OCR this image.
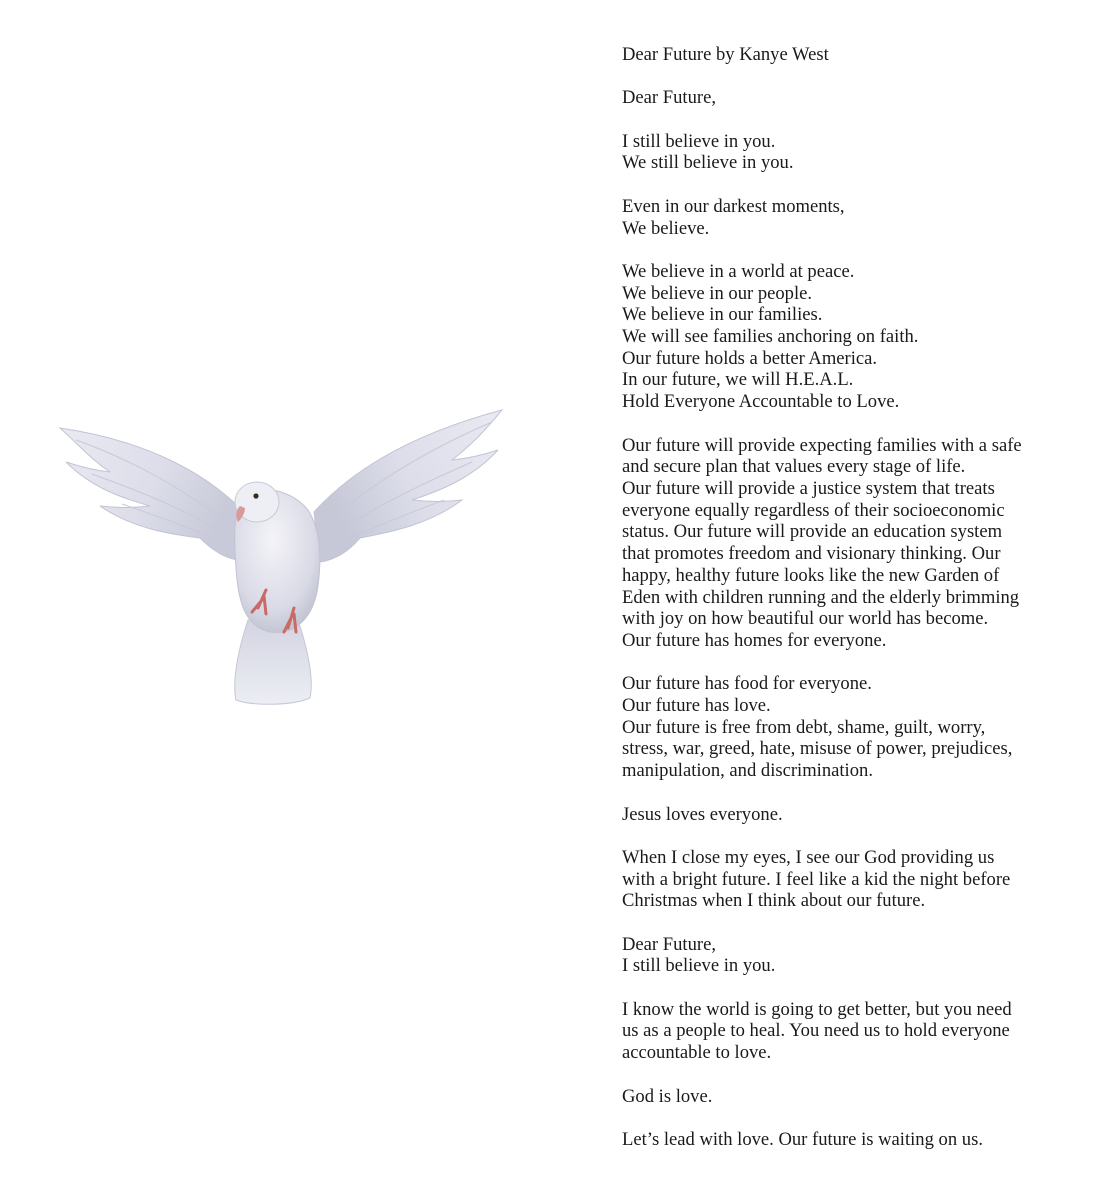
Dear Future by Kanye West
Dear Future,
I still believe in you.
We still believe in you.
Even in our darkest moments,
We believe.
We believe in a world at peace.
We believe in our people.
We believe in our families.
We will see families anchoring on faith.
Our future holds a better America.
In our future, we will H.E.A.L.
Hold Everyone Accountable to Love.
Our future will provide expecting families with a safe
and secure plan that values every stage of life.
Our future will provide a justice system that treats
everyone equally regardless of their socioeconomic
status. Our future will provide an education system
that promotes freedom and visionary thinking. Our
happy, healthy future looks like the new Garden of
Eden with children running and the elderly brimming
with joy on how beautiful our world has become.
Our future has homes for everyone.
Our future has food for everyone.
Our future has love.
Our future is free from debt, shame, guilt, worry,
stress, war, greed, hate, misuse of power, prejudices,
manipulation, and discrimination.
Jesus loves everyone.
When I close my eyes, I see our God providing us
with a bright future. I feel like a kid the night before
Christmas when I think about our future.
Dear Future,
I still believe in you.
I know the world is going to get better, but you need
us as a people to heal. You need us to hold everyone
accountable to love.
God is love.
Let’s lead with love. Our future is waiting on us.
